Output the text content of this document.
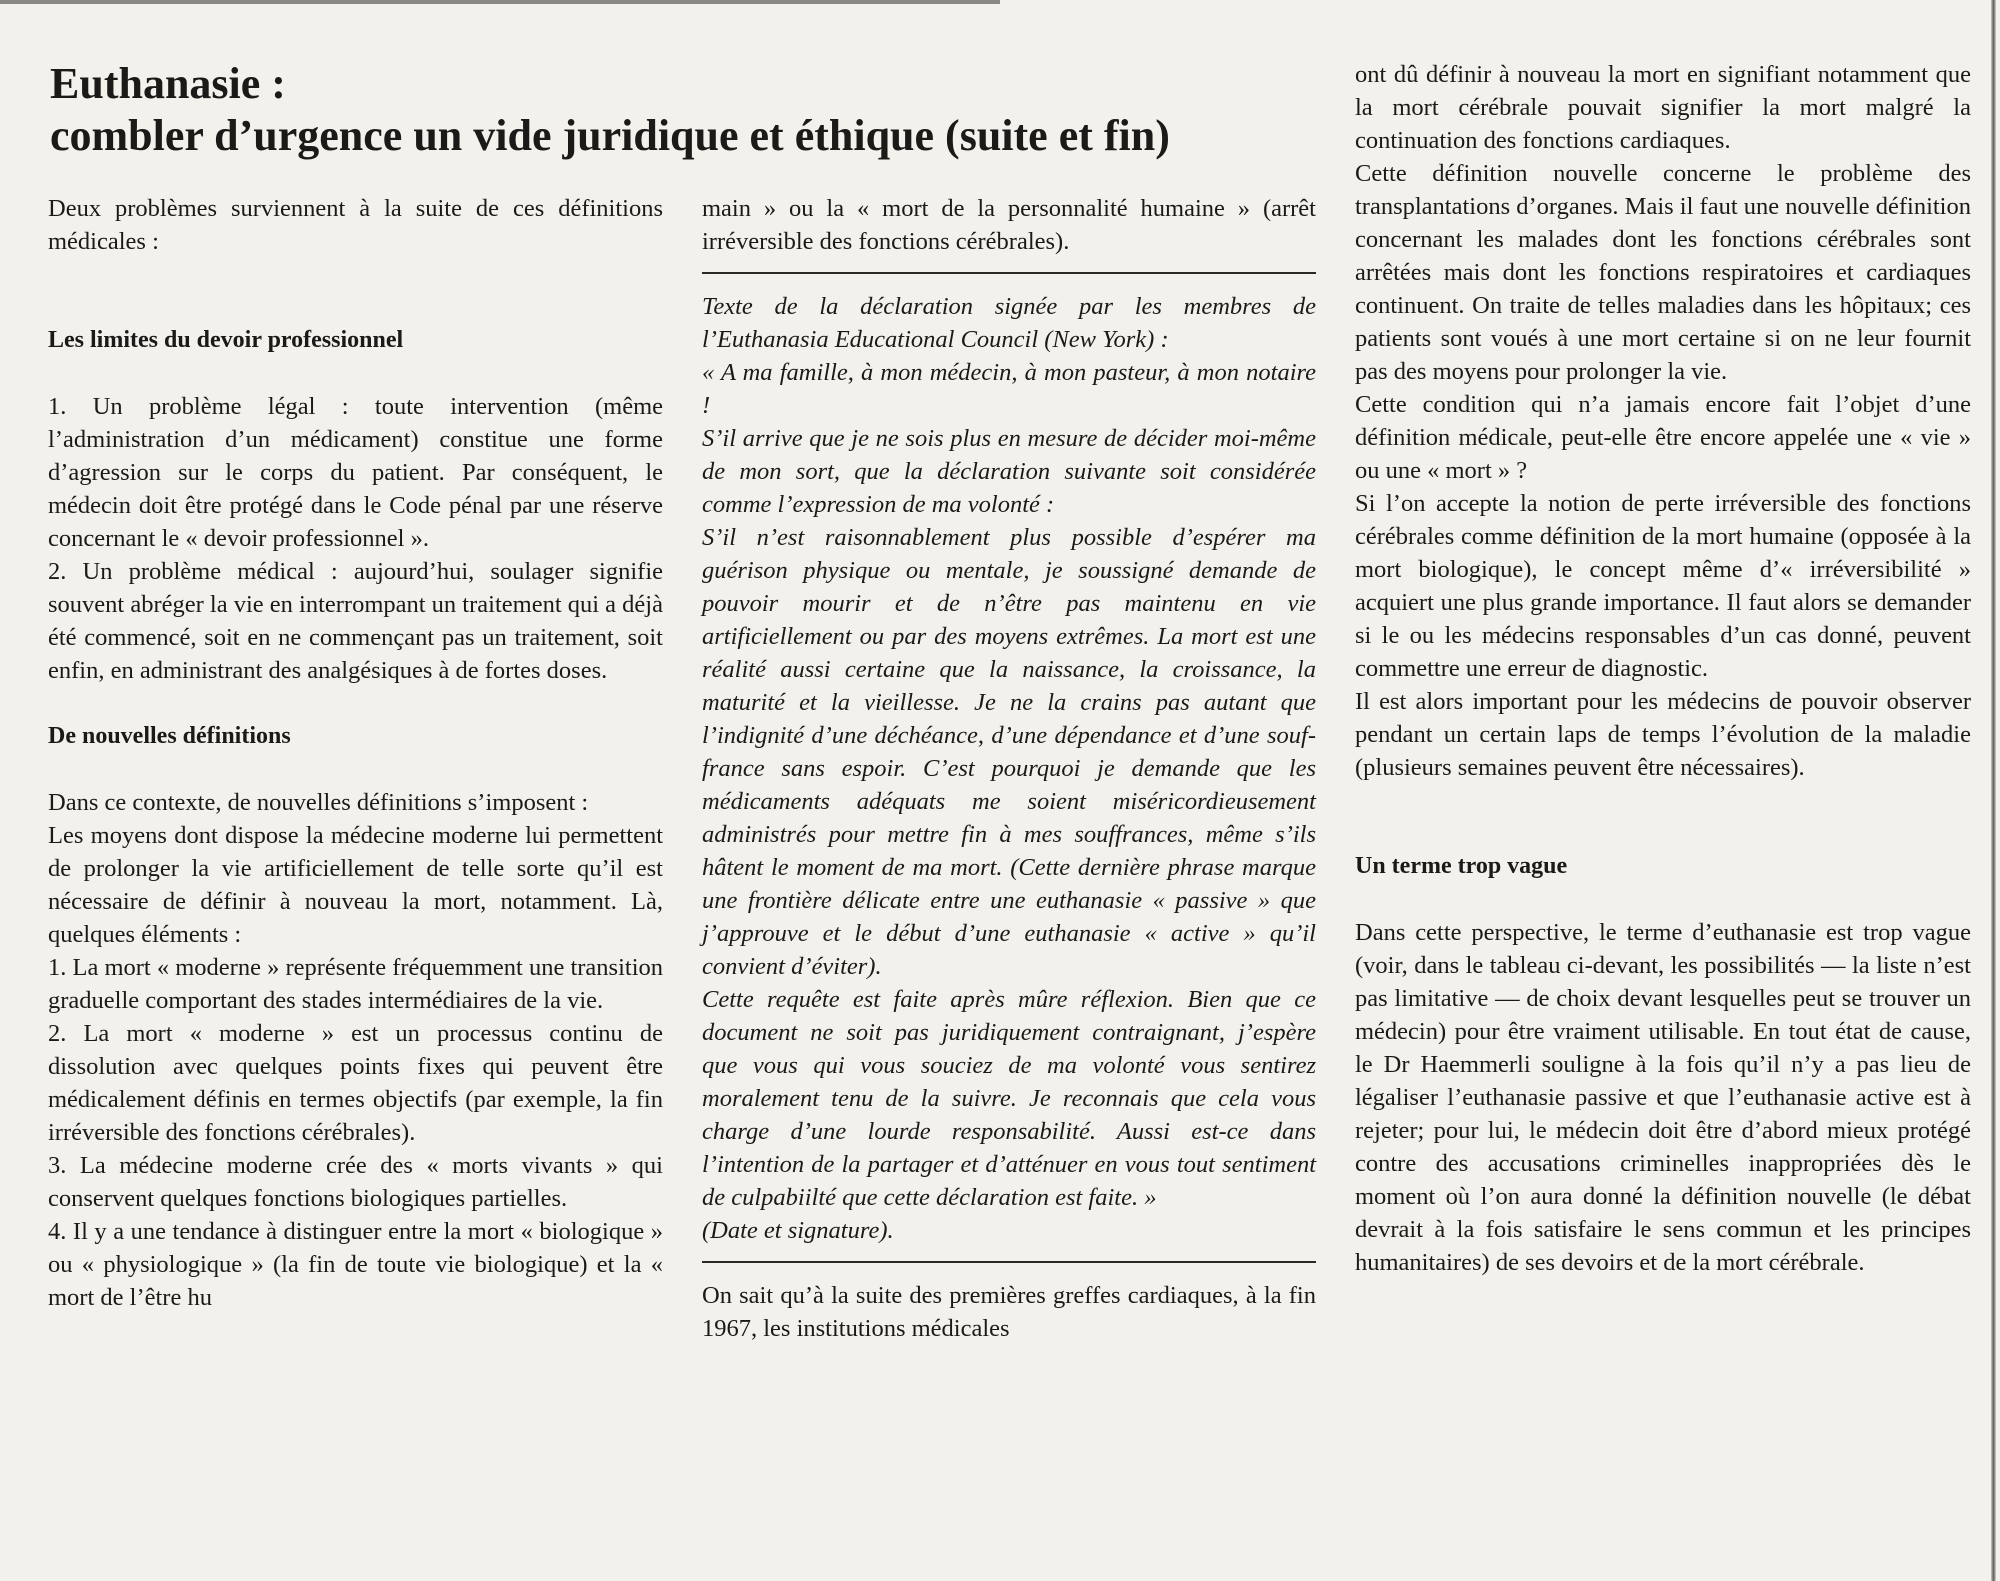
Euthanasie :
combler d’urgence un vide juridique et éthique (suite et fin)

Deux problèmes surviennent à la suite de ces définitions médicales :

Les limites du devoir professionnel

1. Un problème légal : toute intervention (même l’administration d’un médicament) constitue une forme d’agression sur le corps du patient. Par conséquent, le médecin doit être protégé dans le Code pénal par une réserve concernant le « devoir professionnel ».

2. Un problème médical : aujourd’hui, soulager signifie souvent abréger la vie en interrompant un traitement qui a déjà été commencé, soit en ne commençant pas un traitement, soit enfin, en administrant des analgésiques à de fortes doses.

De nouvelles définitions

Dans ce contexte, de nouvelles définitions s’imposent :

Les moyens dont dispose la médecine moderne lui permettent de prolonger la vie artificiellement de telle sorte qu’il est nécessaire de définir à nouveau la mort, notamment. Là, quelques éléments :

1. La mort « moderne » représente fréquemment une transition graduelle comportant des stades intermédiaires de la vie.

2. La mort « moderne » est un processus continu de dissolution avec quelques points fixes qui peuvent être médicalement définis en termes objectifs (par exemple, la fin irréversible des fonctions cérébrales).

3. La médecine moderne crée des « morts vivants » qui conservent quelques fonctions biologiques partielles.

4. Il y a une tendance à distinguer entre la mort « biologique » ou « physiologique » (la fin de toute vie biologique) et la « mort de l’être hu

main » ou la « mort de la personnalité humaine » (arrêt irréversible des fonctions cérébrales).

Texte de la déclaration signée par les membres de l’Euthanasia Educational Council (New York) :

« A ma famille, à mon médecin, à mon pasteur, à mon notaire !

S’il arrive que je ne sois plus en mesure de décider moi-même de mon sort, que la déclaration suivante soit considérée comme l’expression de ma volonté :

S’il n’est raisonnablement plus possible d’espérer ma guérison physique ou mentale, je soussigné demande de pouvoir mourir et de n’être pas maintenu en vie artificiellement ou par des moyens extrêmes. La mort est une réalité aussi certaine que la naissance, la croissance, la maturité et la vieillesse. Je ne la crains pas autant que l’indignité d’une déchéance, d’une dépendance et d’une souffrance sans espoir. C’est pourquoi je demande que les médicaments adéquats me soient miséricordieusement administrés pour mettre fin à mes souffrances, même s’ils hâtent le moment de ma mort. (Cette dernière phrase marque une frontière délicate entre une euthanasie « passive » que j’approuve et le début d’une euthanasie « active » qu’il convient d’éviter).

Cette requête est faite après mûre réflexion. Bien que ce document ne soit pas juridiquement contraignant, j’espère que vous qui vous souciez de ma volonté vous sentirez moralement tenu de la suivre. Je reconnais que cela vous charge d’une lourde responsabilité. Aussi est-ce dans l’intention de la partager et d’atténuer en vous tout sentiment de culpabiilté que cette déclaration est faite. »

(Date et signature).

On sait qu’à la suite des premières greffes cardiaques, à la fin 1967, les institutions médicales

ont dû définir à nouveau la mort en signifiant notamment que la mort cérébrale pouvait signifier la mort malgré la continuation des fonctions cardiaques.

Cette définition nouvelle concerne le problème des transplantations d’organes. Mais il faut une nouvelle définition concernant les malades dont les fonctions cérébrales sont arrêtées mais dont les fonctions respiratoires et cardiaques continuent. On traite de telles maladies dans les hôpitaux; ces patients sont voués à une mort certaine si on ne leur fournit pas des moyens pour prolonger la vie.

Cette condition qui n’a jamais encore fait l’objet d’une définition médicale, peut-elle être encore appelée une « vie » ou une « mort » ?

Si l’on accepte la notion de perte irréversible des fonctions cérébrales comme définition de la mort humaine (opposée à la mort biologique), le concept même d’« irréversibilité » acquiert une plus grande importance. Il faut alors se demander si le ou les médecins responsables d’un cas donné, peuvent commettre une erreur de diagnostic.

Il est alors important pour les médecins de pouvoir observer pendant un certain laps de temps l’évolution de la maladie (plusieurs semaines peuvent être nécessaires).

Un terme trop vague

Dans cette perspective, le terme d’euthanasie est trop vague (voir, dans le tableau ci-devant, les possibilités — la liste n’est pas limitative — de choix devant lesquelles peut se trouver un médecin) pour être vraiment utilisable. En tout état de cause, le Dr Haemmerli souligne à la fois qu’il n’y a pas lieu de légaliser l’euthanasie passive et que l’euthanasie active est à rejeter; pour lui, le médecin doit être d’abord mieux protégé contre des accusations criminelles inappropriées dès le moment où l’on aura donné la définition nouvelle (le débat devrait à la fois satisfaire le sens commun et les principes humanitaires) de ses devoirs et de la mort cérébrale.
